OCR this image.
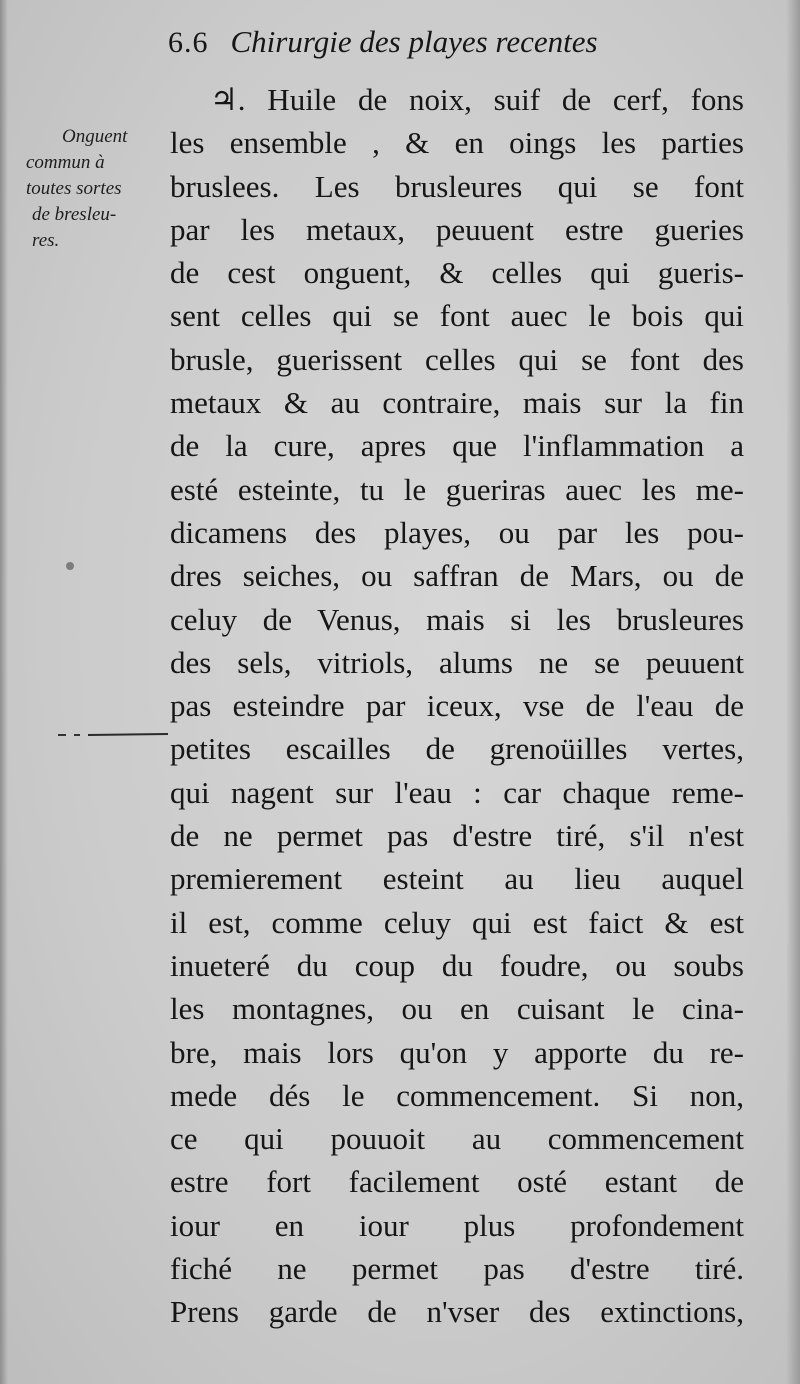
6.6 Chirurgie des playes recentes
Onguent
commun à
toutes sortes
de bresleu-
res.
♃. Huile de noix, suif de cerf, fons
les ensemble , & en oings les parties
bruslees. Les brusleures qui se font
par les metaux, peuuent estre gueries
de cest onguent, & celles qui gueris-
sent celles qui se font auec le bois qui
brusle, guerissent celles qui se font des
metaux & au contraire, mais sur la fin
de la cure, apres que l'inflammation a
esté esteinte, tu le gueriras auec les me-
dicamens des playes, ou par les pou-
dres seiches, ou saffran de Mars, ou de
celuy de Venus, mais si les brusleures
des sels, vitriols, alums ne se peuuent
pas esteindre par iceux, vse de l'eau de
petites escailles de grenoüilles vertes,
qui nagent sur l'eau : car chaque reme-
de ne permet pas d'estre tiré, s'il n'est
premierement esteint au lieu auquel
il est, comme celuy qui est faict & est
inueteré du coup du foudre, ou soubs
les montagnes, ou en cuisant le cina-
bre, mais lors qu'on y apporte du re-
mede dés le commencement. Si non,
ce qui pouuoit au commencement
estre fort facilement osté estant de
iour en iour plus profondement
fiché ne permet pas d'estre tiré.
Prens garde de n'vser des extinctions,
